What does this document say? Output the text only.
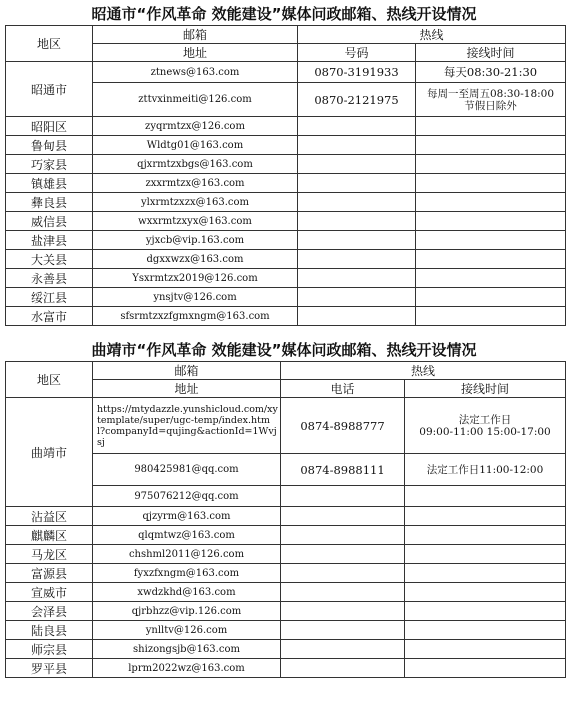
昭通市“作风革命 效能建设”媒体问政邮箱、热线开设情况
地区	邮箱	热线	
	地址	号码	接线时间
昭通市	ztnews@163.com	0870-3191933	每天08:30-21:30
	zttvxinmeiti@126.com	0870-2121975	每周一至周五08:30-18:00
节假日除外

昭阳区	zyqrmtzx@126.com		
鲁甸县	Wldtg01@163.com		
巧家县	qjxrmtzxbgs@163.com		
镇雄县	zxxrmtzx@163.com		
彝良县	ylxrmtzxzx@163.com		
威信县	wxxrmtzxyx@163.com		
盐津县	yjxcb@vip.163.com		
大关县	dgxxwzx@163.com		
永善县	Ysxrmtzx2019@126.com		
绥江县	ynsjtv@126.com		
水富市	sfsrmtzxzfgmxngm@163.com		
曲靖市“作风革命 效能建设”媒体问政邮箱、热线开设情况
地区	邮箱	热线	
	地址	电话	接线时间
曲靖市	https://mtydazzle.yunshicloud.com/xytemplate/super/ugc-temp/index.html?companyId=qujing&actionId=1Wvjsj	0874-8988777	法定工作日
09:00-11:00 15:00-17:00

	980425981@qq.com	0874-8988111	法定工作日11:00-12:00
	975076212@qq.com		
沾益区	qjzyrm@163.com		
麒麟区	qlqmtwz@163.com		
马龙区	chshml2011@126.com		
富源县	fyxzfxngm@163.com		
宣威市	xwdzkhd@163.com		
会泽县	qjrbhzz@vip.126.com		
陆良县	ynlltv@126.com		
师宗县	shizongsjb@163.com		
罗平县	lprm2022wz@163.com		
